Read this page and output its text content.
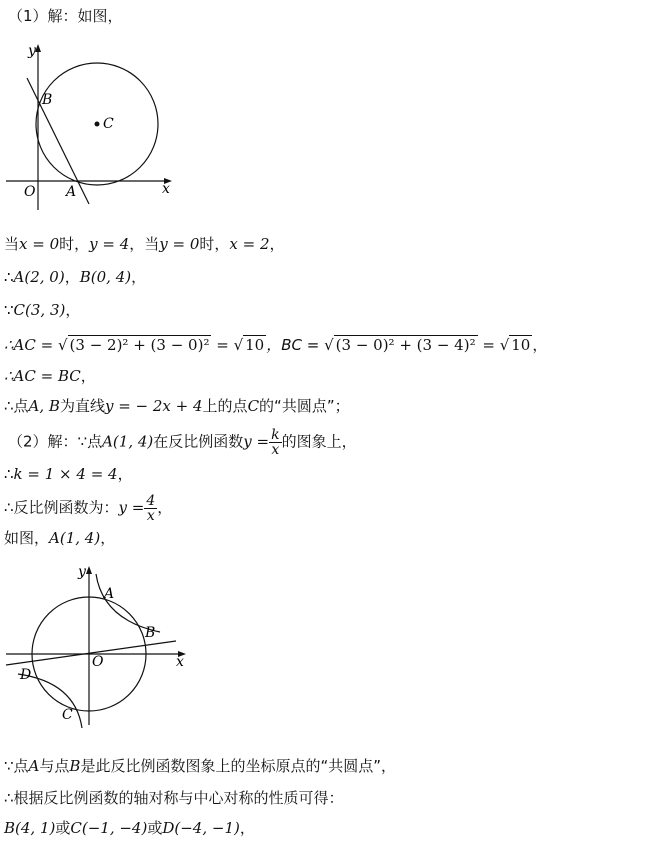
（1）解：如图，
y
x
O A
B
C
当x = 0时，y = 4，当y = 0时，x = 2，
∴A(2, 0)，B(0, 4)，
∵C(3, 3)，
∴AC = √ (3 − 2)² + (3 − 0)² = √ 10 ，BC = √ (3 − 0)² + (3 − 4)² = √ 10 ，
∴AC = BC，
∴点A, B为直线y = − 2x + 4上的点C的“共圆点”；
（2）解：∵点A(1, 4)在反比例函数$y = \frac{k}{x}$ 的图象上，
∴k = 1 × 4 = 4，
∴反比例函数为：$y = \frac{4}{x}$ ，
如图，A(1, 4)，
y
x
O
A
B
C
D
∵点A与点B是此反比例函数图象上的坐标原点的“共圆点”，
∴根据反比例函数的轴对称与中心对称的性质可得：
B(4, 1)或C(−1, −4)或D(−4, −1)，
